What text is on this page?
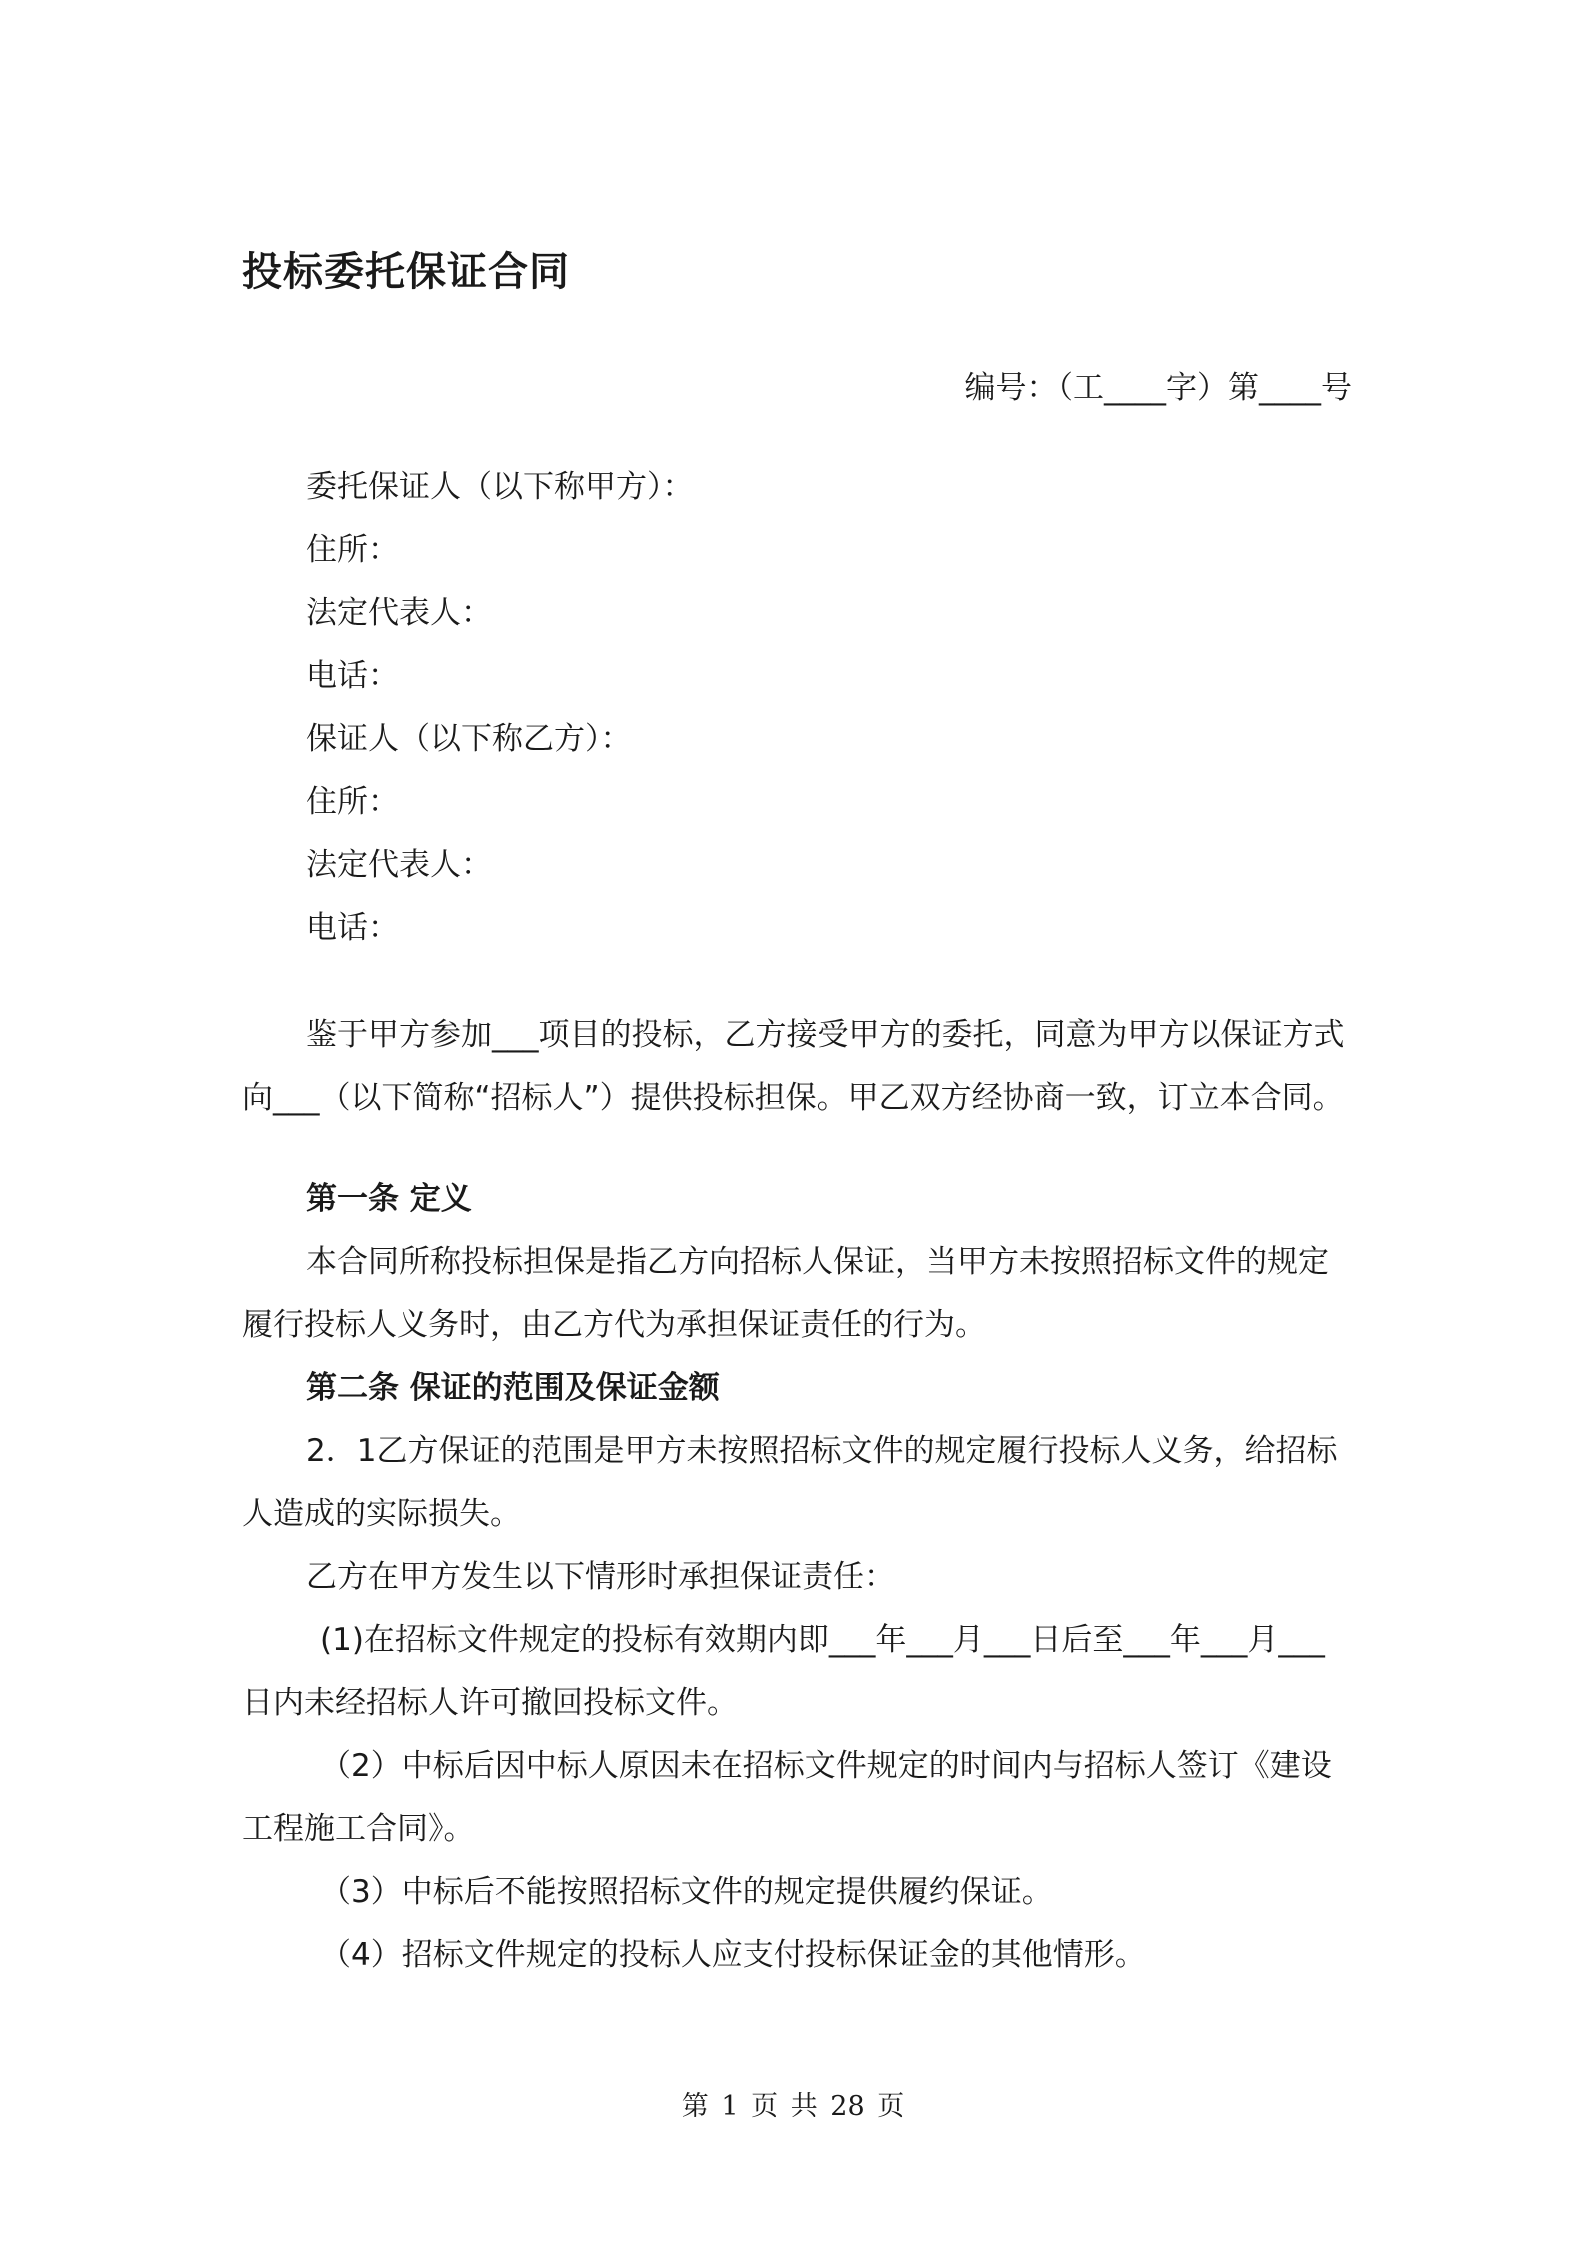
投标委托保证合同
编号：（工____字）第____号
委托保证人（以下称甲方）：
住所：
法定代表人：
电话：
保证人（以下称乙方）：
住所：
法定代表人：
电话：

鉴于甲方参加___项目的投标，乙方接受甲方的委托，同意为甲方以保证方式向___（以下简称“招标人”）提供投标担保。甲乙双方经协商一致，订立本合同。

第一条 定义

本合同所称投标担保是指乙方向招标人保证，当甲方未按照招标文件的规定履行投标人义务时，由乙方代为承担保证责任的行为。

第二条 保证的范围及保证金额

2．1乙方保证的范围是甲方未按照招标文件的规定履行投标人义务，给招标人造成的实际损失。

乙方在甲方发生以下情形时承担保证责任：

(1)在招标文件规定的投标有效期内即___年___月___日后至___年___月___日内未经招标人许可撤回投标文件。

（2）中标后因中标人原因未在招标文件规定的时间内与招标人签订《建设工程施工合同》。

（3）中标后不能按照招标文件的规定提供履约保证。

（4）招标文件规定的投标人应支付投标保证金的其他情形。

第 1 页 共 28 页
